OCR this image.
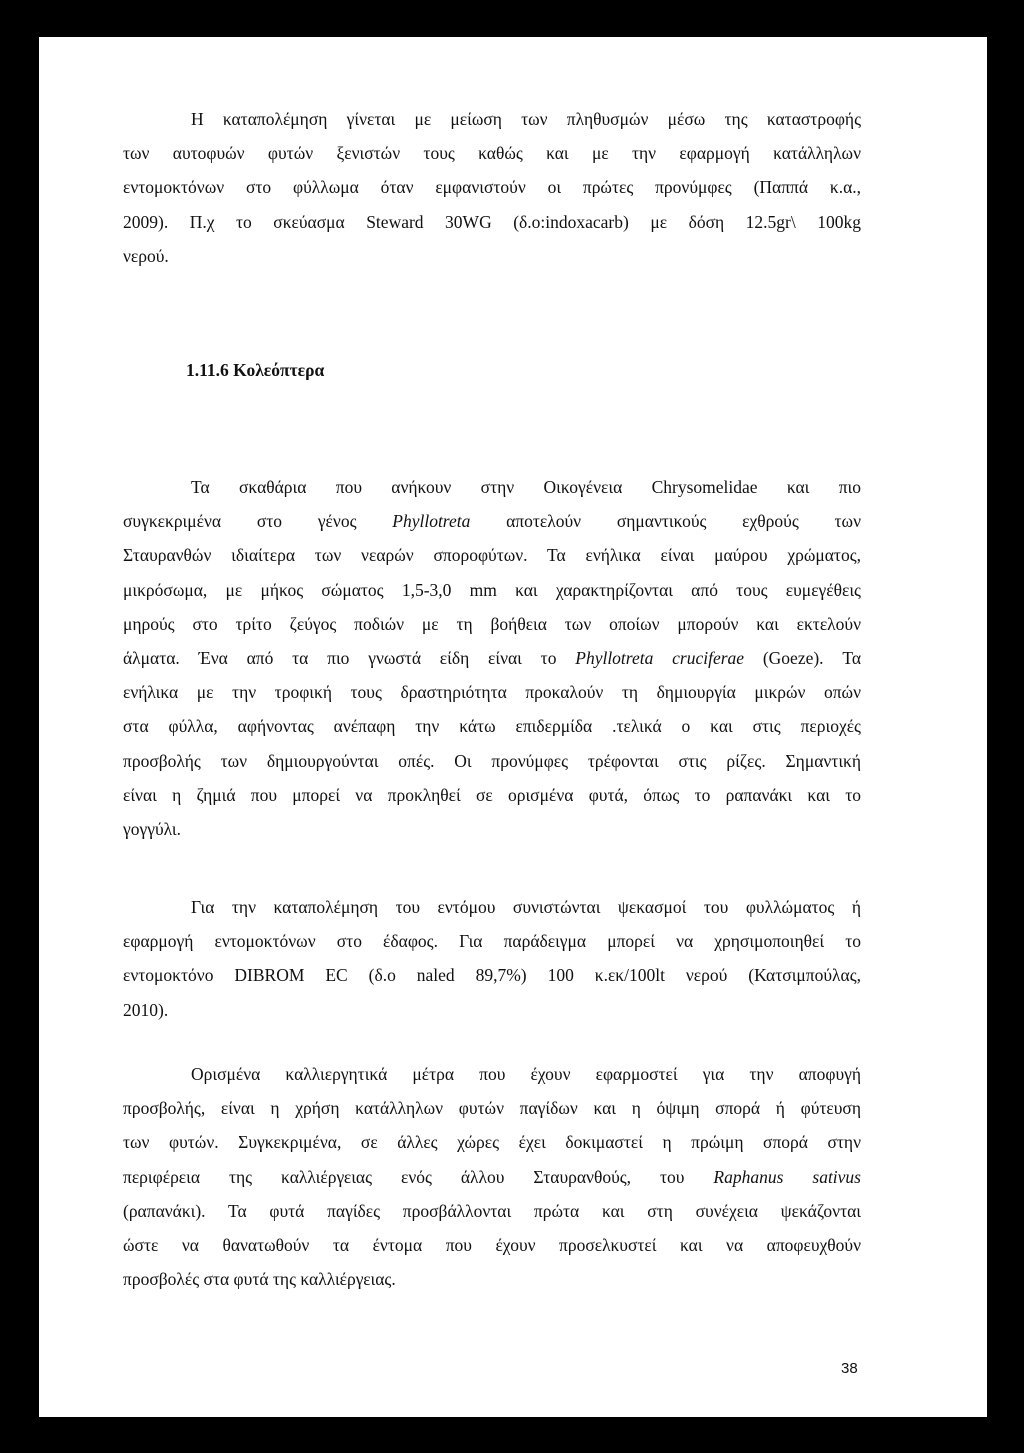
Η καταπολέμηση γίνεται με μείωση των πληθυσμών μέσω της καταστροφής
των αυτοφυών φυτών ξενιστών τους καθώς και με την εφαρμογή κατάλληλων
εντομοκτόνων στο φύλλωμα όταν εμφανιστούν οι πρώτες προνύμφες (Παππά κ.α.,
2009). Π.χ το σκεύασμα Steward 30WG (δ.ο:indoxacarb) με δόση 12.5gr\ 100kg
νερού.
1.11.6 Κολεόπτερα
Τα σκαθάρια που ανήκουν στην Οικογένεια Chrysomelidae και πιο
συγκεκριμένα στο γένος Phyllotreta αποτελούν σημαντικούς εχθρούς των
Σταυρανθών ιδιαίτερα των νεαρών σποροφύτων. Τα ενήλικα είναι μαύρου χρώματος,
μικρόσωμα, με μήκος σώματος 1,5-3,0 mm και χαρακτηρίζονται από τους ευμεγέθεις
μηρούς στο τρίτο ζεύγος ποδιών με τη βοήθεια των οποίων μπορούν και εκτελούν
άλματα. Ένα από τα πιο γνωστά είδη είναι το Phyllotreta cruciferae (Goeze). Τα
ενήλικα με την τροφική τους δραστηριότητα προκαλούν τη δημιουργία μικρών οπών
στα φύλλα, αφήνοντας ανέπαφη την κάτω επιδερμίδα .τελικά ο και στις περιοχές
προσβολής των δημιουργούνται οπές. Οι προνύμφες τρέφονται στις ρίζες. Σημαντική
είναι η ζημιά που μπορεί να προκληθεί σε ορισμένα φυτά, όπως το ραπανάκι και το
γογγύλι.
Για την καταπολέμηση του εντόμου συνιστώνται ψεκασμοί του φυλλώματος ή
εφαρμογή εντομοκτόνων στο έδαφος. Για παράδειγμα μπορεί να χρησιμοποιηθεί το
εντομοκτόνο DIBROM EC (δ.ο naled 89,7%) 100 κ.εκ/100lt νερού (Κατσιμπούλας,
2010).
Ορισμένα καλλιεργητικά μέτρα που έχουν εφαρμοστεί για την αποφυγή
προσβολής, είναι η χρήση κατάλληλων φυτών παγίδων και η όψιμη σπορά ή φύτευση
των φυτών. Συγκεκριμένα, σε άλλες χώρες έχει δοκιμαστεί η πρώιμη σπορά στην
περιφέρεια της καλλιέργειας ενός άλλου Σταυρανθούς, του Raphanus sativus
(ραπανάκι). Τα φυτά παγίδες προσβάλλονται πρώτα και στη συνέχεια ψεκάζονται
ώστε να θανατωθούν τα έντομα που έχουν προσελκυστεί και να αποφευχθούν
προσβολές στα φυτά της καλλιέργειας.
38
